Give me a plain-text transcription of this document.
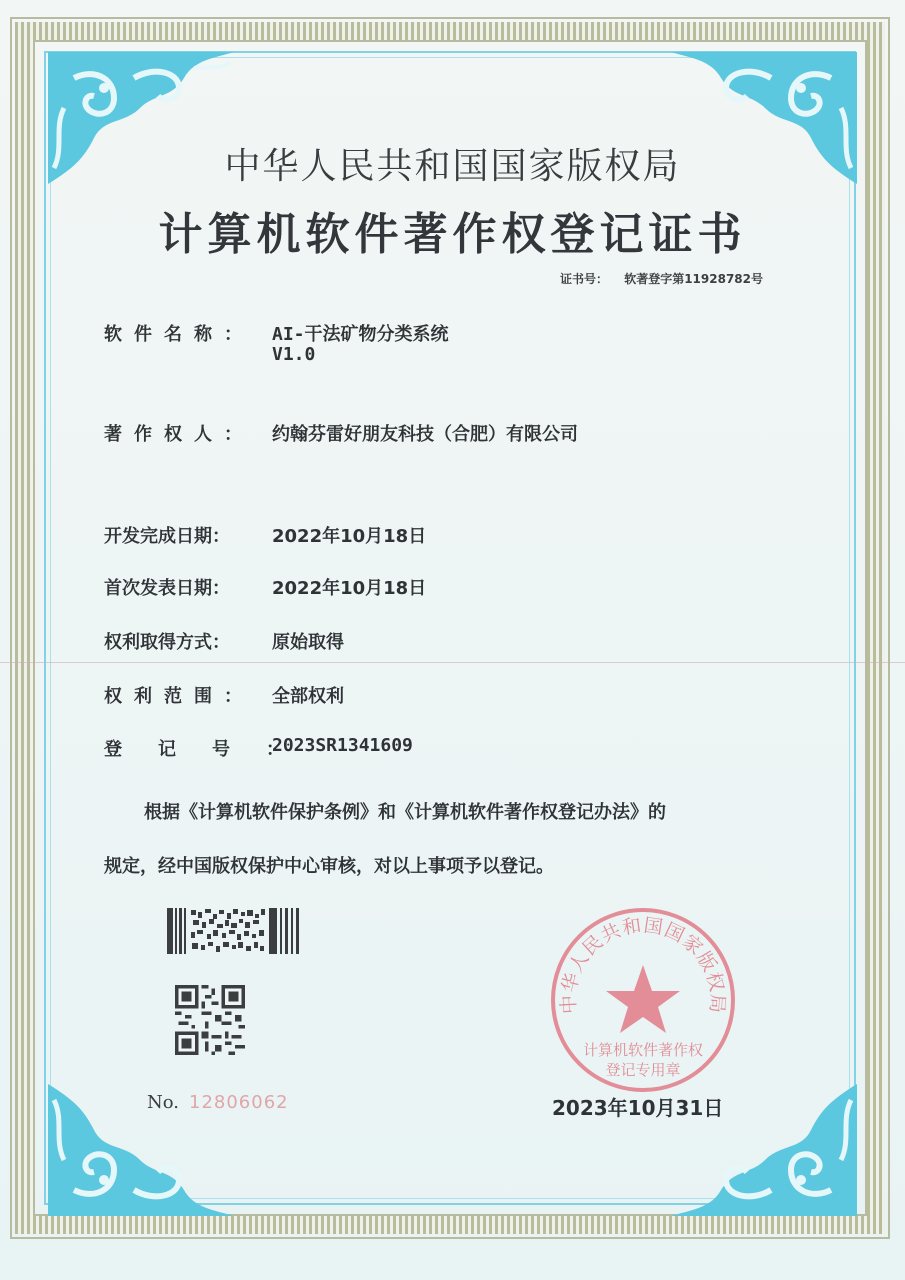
中华人民共和国国家版权局
计算机软件著作权登记证书
证书号： 软著登字第11928782号
软件名称： AI-干法矿物分类系统
V1.0
著作权人： 约翰芬雷好朋友科技（合肥）有限公司
开发完成日期： 2022年10月18日
首次发表日期： 2022年10月18日
权利取得方式： 原始取得
权利范围： 全部权利
登记号：
2023SR1341609
根据《计算机软件保护条例》和《计算机软件著作权登记办法》的
规定，经中国版权保护中心审核，对以上事项予以登记。
中华人民共和国国家版权局
计算机软件著作权
登记专用章
No. 12806062	2023年10月31日
